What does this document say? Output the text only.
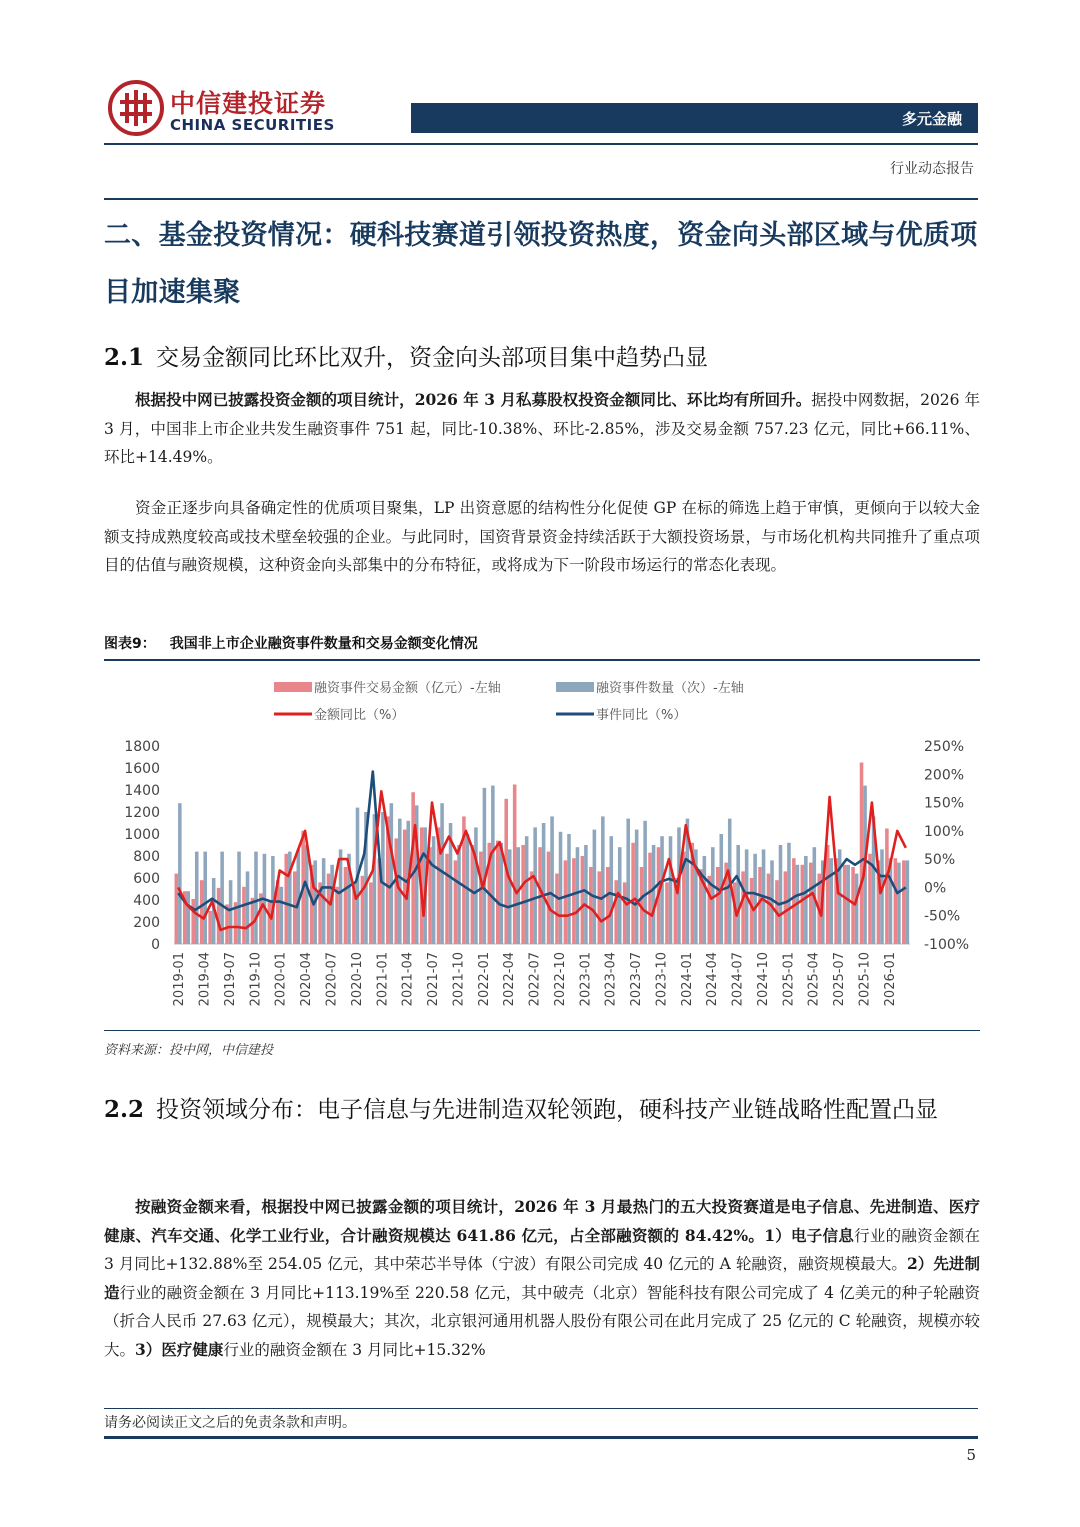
中信建投证券
CHINA SECURITIES	多元金融
行业动态报告
二、基金投资情况：硬科技赛道引领投资热度，资金向头部区域与优质项目加速集聚
2.1 交易金额同比环比双升，资金向头部项目集中趋势凸显
根据投中网已披露投资金额的项目统计，2026 年 3 月私募股权投资金额同比、环比均有所回升。据投中网数据，2026 年 3 月，中国非上市企业共发生融资事件 751 起，同比-10.38%、环比-2.85%，涉及交易金额 757.23 亿元，同比+66.11%、环比+14.49%。
资金正逐步向具备确定性的优质项目聚集，LP 出资意愿的结构性分化促使 GP 在标的筛选上趋于审慎，更倾向于以较大金额支持成熟度较高或技术壁垒较强的企业。与此同时，国资背景资金持续活跃于大额投资场景，与市场化机构共同推升了重点项目的估值与融资规模，这种资金向头部集中的分布特征，或将成为下一阶段市场运行的常态化表现。
图表9： 我国非上市企业融资事件数量和交易金额变化情况
融资事件交易金额（亿元）-左轴	融资事件数量（次）-左轴
金额同比（%）	事件同比（%）
0
200
400
600
800
1000
1200
1400
1600
1800
-100%
-50%
0%
50%
100%
150%
200%
250%
2019-01 2019-04 2019-07 2019-10 2020-01 2020-04 2020-07 2020-10 2021-01 2021-04 2021-07 2021-10 2022-01 2022-04 2022-07 2022-10 2023-01 2023-04 2023-07 2023-10 2024-01 2024-04 2024-07 2024-10 2025-01 2025-04 2025-07 2025-10 2026-01
资料来源：投中网，中信建投
2.2 投资领域分布：电子信息与先进制造双轮领跑，硬科技产业链战略性配置凸显
按融资金额来看，根据投中网已披露金额的项目统计，2026 年 3 月最热门的五大投资赛道是电子信息、先进制造、医疗健康、汽车交通、化学工业行业，合计融资规模达 641.86 亿元，占全部融资额的 84.42%。1）电子信息行业的融资金额在 3 月同比+132.88%至 254.05 亿元，其中荣芯半导体（宁波）有限公司完成 40 亿元的 A 轮融资，融资规模最大。2）先进制造行业的融资金额在 3 月同比+113.19%至 220.58 亿元，其中破壳（北京）智能科技有限公司完成了 4 亿美元的种子轮融资（折合人民币 27.63 亿元），规模最大；其次，北京银河通用机器人股份有限公司在此月完成了 25 亿元的 C 轮融资，规模亦较大。3）医疗健康行业的融资金额在 3 月同比+15.32%
请务必阅读正文之后的免责条款和声明。
5
